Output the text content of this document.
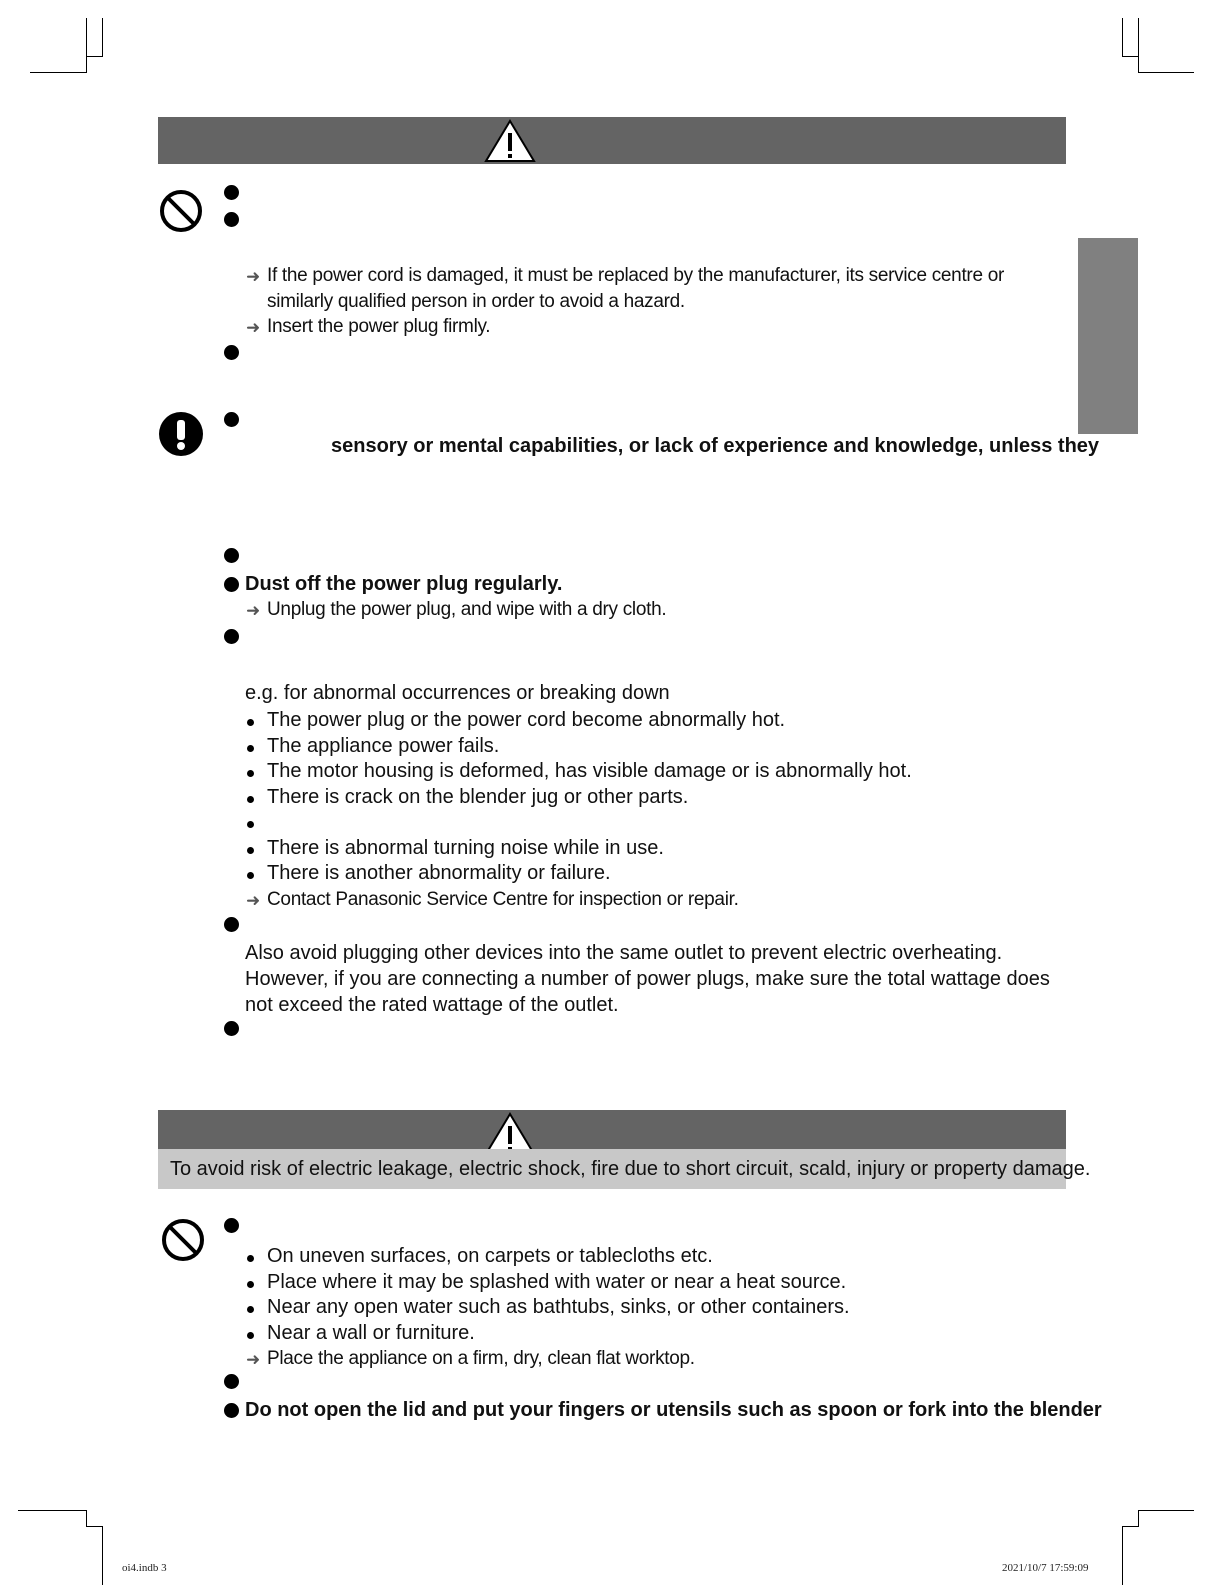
➜ If the power cord is damaged, it must be replaced by the manufacturer, its service centre or
similarly qualified person in order to avoid a hazard.
➜ Insert the power plug firmly.
sensory or mental capabilities, or lack of experience and knowledge, unless they
Dust off the power plug regularly.
➜ Unplug the power plug, and wipe with a dry cloth.
e.g. for abnormal occurrences or breaking down
The power plug or the power cord become abnormally hot.
The appliance power fails.
The motor housing is deformed, has visible damage or is abnormally hot.
There is crack on the blender jug or other parts.
There is abnormal turning noise while in use.
There is another abnormality or failure.
➜ Contact Panasonic Service Centre for inspection or repair.
Also avoid plugging other devices into the same outlet to prevent electric overheating. However, if you are connecting a number of power plugs, make sure the total wattage does not exceed the rated wattage of the outlet.
To avoid risk of electric leakage, electric shock, fire due to short circuit, scald, injury or property damage.
On uneven surfaces, on carpets or tablecloths etc.
Place where it may be splashed with water or near a heat source.
Near any open water such as bathtubs, sinks, or other containers.
Near a wall or furniture.
➜ Place the appliance on a firm, dry, clean flat worktop.
Do not open the lid and put your fingers or utensils such as spoon or fork into the blender
oi4.indb 3	2021/10/7 17:59:09
